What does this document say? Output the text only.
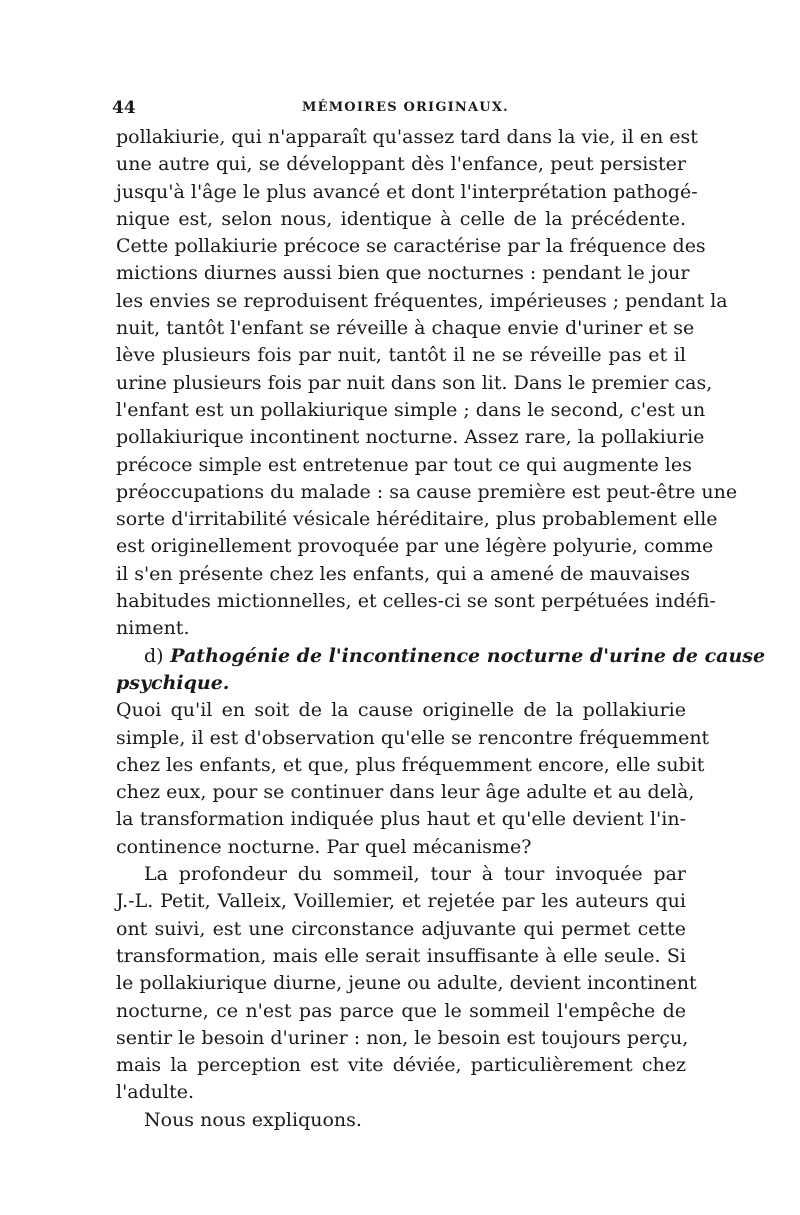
44	MÉMOIRES ORIGINAUX.
pollakiurie, qui n'apparaît qu'assez tard dans la vie, il en est
une autre qui, se développant dès l'enfance, peut persister
jusqu'à l'âge le plus avancé et dont l'interprétation pathogé-
nique est, selon nous, identique à celle de la précédente.
Cette pollakiurie précoce se caractérise par la fréquence des
mictions diurnes aussi bien que nocturnes : pendant le jour
les envies se reproduisent fréquentes, impérieuses ; pendant la
nuit, tantôt l'enfant se réveille à chaque envie d'uriner et se
lève plusieurs fois par nuit, tantôt il ne se réveille pas et il
urine plusieurs fois par nuit dans son lit. Dans le premier cas,
l'enfant est un pollakiurique simple ; dans le second, c'est un
pollakiurique incontinent nocturne. Assez rare, la pollakiurie
précoce simple est entretenue par tout ce qui augmente les
préoccupations du malade : sa cause première est peut-être une
sorte d'irritabilité vésicale héréditaire, plus probablement elle
est originellement provoquée par une légère polyurie, comme
il s'en présente chez les enfants, qui a amené de mauvaises
habitudes mictionnelles, et celles-ci se sont perpétuées indéfi-
niment.
d) Pathogénie de l'incontinence nocturne d'urine de cause
psychique.
Quoi qu'il en soit de la cause originelle de la pollakiurie
simple, il est d'observation qu'elle se rencontre fréquemment
chez les enfants, et que, plus fréquemment encore, elle subit
chez eux, pour se continuer dans leur âge adulte et au delà,
la transformation indiquée plus haut et qu'elle devient l'in-
continence nocturne. Par quel mécanisme?
La profondeur du sommeil, tour à tour invoquée par
J.-L. Petit, Valleix, Voillemier, et rejetée par les auteurs qui
ont suivi, est une circonstance adjuvante qui permet cette
transformation, mais elle serait insuffisante à elle seule. Si
le pollakiurique diurne, jeune ou adulte, devient incontinent
nocturne, ce n'est pas parce que le sommeil l'empêche de
sentir le besoin d'uriner : non, le besoin est toujours perçu,
mais la perception est vite déviée, particulièrement chez
l'adulte.
Nous nous expliquons.
